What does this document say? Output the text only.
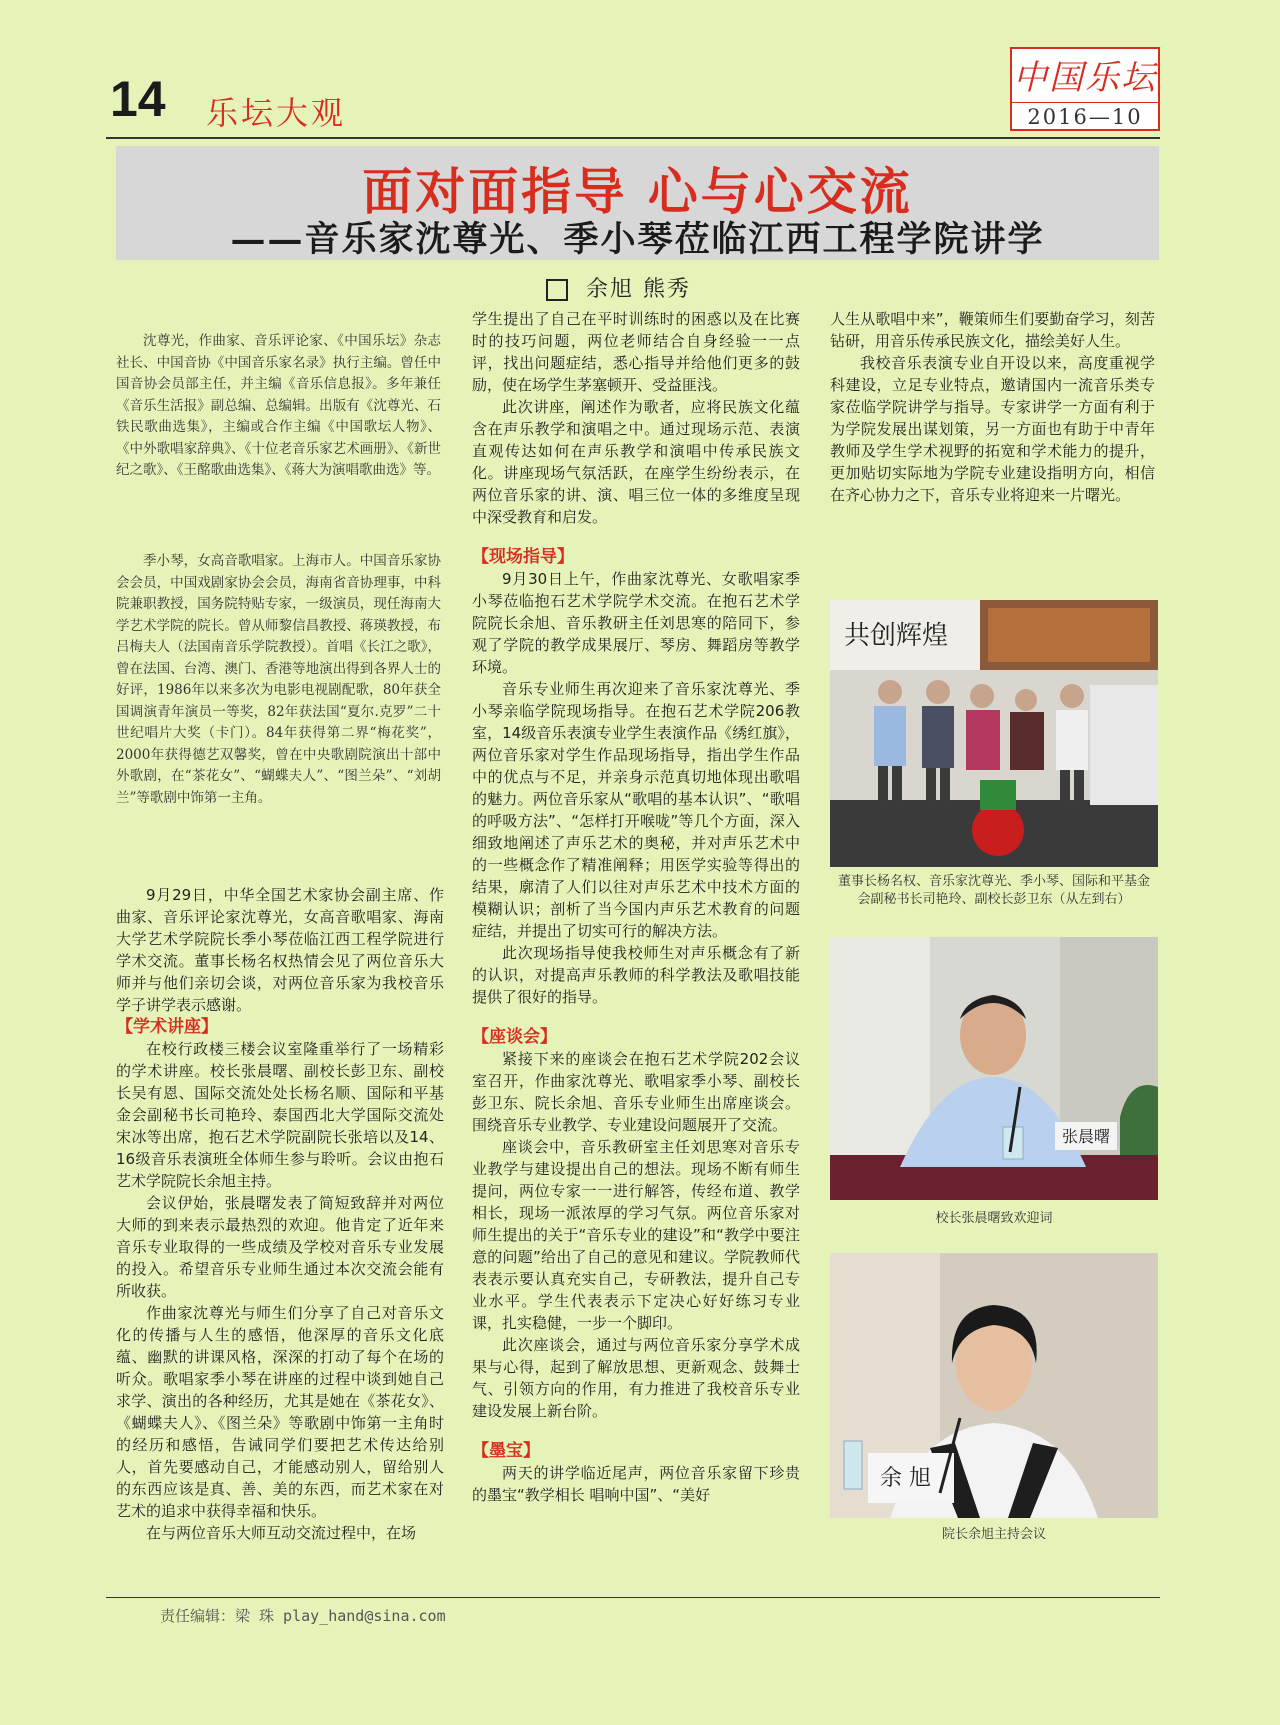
14 乐坛大观
中国乐坛
2016—10
面对面指导 心与心交流
——音乐家沈尊光、季小琴莅临江西工程学院讲学
余旭 熊秀

沈尊光，作曲家、音乐评论家、《中国乐坛》杂志社长、中国音协《中国音乐家名录》执行主编。曾任中国音协会员部主任，并主编《音乐信息报》。多年兼任《音乐生活报》副总编、总编辑。出版有《沈尊光、石铁民歌曲选集》，主编或合作主编《中国歌坛人物》、《中外歌唱家辞典》、《十位老音乐家艺术画册》、《新世纪之歌》、《王酩歌曲选集》、《蒋大为演唱歌曲选》等。

季小琴，女高音歌唱家。上海市人。中国音乐家协会会员，中国戏剧家协会会员，海南省音协理事，中科院兼职教授，国务院特贴专家，一级演员，现任海南大学艺术学院的院长。曾从师黎信昌教授、蒋瑛教授，布吕梅夫人（法国南音乐学院教授）。首唱《长江之歌》，曾在法国、台湾、澳门、香港等地演出得到各界人士的好评，1986年以来多次为电影电视剧配歌，80年获全国调演青年演员一等奖，82年获法国“夏尔.克罗”二十世纪唱片大奖（卡门）。84年获得第二界“梅花奖”，2000年获得德艺双馨奖，曾在中央歌剧院演出十部中外歌剧，在“茶花女”、“蝴蝶夫人”、“图兰朵”、“刘胡兰”等歌剧中饰第一主角。

9月29日，中华全国艺术家协会副主席、作曲家、音乐评论家沈尊光，女高音歌唱家、海南大学艺术学院院长季小琴莅临江西工程学院进行学术交流。董事长杨名权热情会见了两位音乐大师并与他们亲切会谈，对两位音乐家为我校音乐学子讲学表示感谢。

【学术讲座】

在校行政楼三楼会议室隆重举行了一场精彩的学术讲座。校长张晨曙、副校长彭卫东、副校长吴有恩、国际交流处处长杨名顺、国际和平基金会副秘书长司艳玲、泰国西北大学国际交流处宋冰等出席，抱石艺术学院副院长张培以及14、16级音乐表演班全体师生参与聆听。会议由抱石艺术学院院长余旭主持。

会议伊始，张晨曙发表了简短致辞并对两位大师的到来表示最热烈的欢迎。他肯定了近年来音乐专业取得的一些成绩及学校对音乐专业发展的投入。希望音乐专业师生通过本次交流会能有所收获。

作曲家沈尊光与师生们分享了自己对音乐文化的传播与人生的感悟，他深厚的音乐文化底蕴、幽默的讲课风格，深深的打动了每个在场的听众。歌唱家季小琴在讲座的过程中谈到她自己求学、演出的各种经历，尤其是她在《茶花女》、《蝴蝶夫人》、《图兰朵》等歌剧中饰第一主角时的经历和感悟，告诫同学们要把艺术传达给别人，首先要感动自己，才能感动别人，留给别人的东西应该是真、善、美的东西，而艺术家在对艺术的追求中获得幸福和快乐。

在与两位音乐大师互动交流过程中，在场

学生提出了自己在平时训练时的困惑以及在比赛时的技巧问题，两位老师结合自身经验一一点评，找出问题症结，悉心指导并给他们更多的鼓励，使在场学生茅塞顿开、受益匪浅。

此次讲座，阐述作为歌者，应将民族文化蕴含在声乐教学和演唱之中。通过现场示范、表演直观传达如何在声乐教学和演唱中传承民族文化。讲座现场气氛活跃，在座学生纷纷表示，在两位音乐家的讲、演、唱三位一体的多维度呈现中深受教育和启发。

【现场指导】

9月30日上午，作曲家沈尊光、女歌唱家季小琴莅临抱石艺术学院学术交流。在抱石艺术学院院长余旭、音乐教研主任刘思寒的陪同下，参观了学院的教学成果展厅、琴房、舞蹈房等教学环境。

音乐专业师生再次迎来了音乐家沈尊光、季小琴亲临学院现场指导。在抱石艺术学院206教室，14级音乐表演专业学生表演作品《绣红旗》，两位音乐家对学生作品现场指导，指出学生作品中的优点与不足，并亲身示范真切地体现出歌唱的魅力。两位音乐家从“歌唱的基本认识”、“歌唱的呼吸方法”、“怎样打开喉咙”等几个方面，深入细致地阐述了声乐艺术的奥秘，并对声乐艺术中的一些概念作了精准阐释；用医学实验等得出的结果，廓清了人们以往对声乐艺术中技术方面的模糊认识；剖析了当今国内声乐艺术教育的问题症结，并提出了切实可行的解决方法。

此次现场指导使我校师生对声乐概念有了新的认识，对提高声乐教师的科学教法及歌唱技能提供了很好的指导。

【座谈会】

紧接下来的座谈会在抱石艺术学院202会议室召开，作曲家沈尊光、歌唱家季小琴、副校长彭卫东、院长余旭、音乐专业师生出席座谈会。围绕音乐专业教学、专业建设问题展开了交流。

座谈会中，音乐教研室主任刘思寒对音乐专业教学与建设提出自己的想法。现场不断有师生提问，两位专家一一进行解答，传经布道、教学相长，现场一派浓厚的学习气氛。两位音乐家对师生提出的关于“音乐专业的建设”和“教学中要注意的问题”给出了自己的意见和建议。学院教师代表表示要认真充实自己，专研教法，提升自己专业水平。学生代表表示下定决心好好练习专业课，扎实稳健，一步一个脚印。

此次座谈会，通过与两位音乐家分享学术成果与心得，起到了解放思想、更新观念、鼓舞士气、引领方向的作用，有力推进了我校音乐专业建设发展上新台阶。

【墨宝】

两天的讲学临近尾声，两位音乐家留下珍贵的墨宝“教学相长 唱响中国”、“美好

人生从歌唱中来”，鞭策师生们要勤奋学习，刻苦钻研，用音乐传承民族文化，描绘美好人生。

我校音乐表演专业自开设以来，高度重视学科建设，立足专业特点，邀请国内一流音乐类专家莅临学院讲学与指导。专家讲学一方面有利于为学院发展出谋划策，另一方面也有助于中青年教师及学生学术视野的拓宽和学术能力的提升，更加贴切实际地为学院专业建设指明方向，相信在齐心协力之下，音乐专业将迎来一片曙光。

共创辉煌
董事长杨名权、音乐家沈尊光、季小琴、国际和平基金会副秘书长司艳玲、副校长彭卫东（从左到右）
张晨曙
校长张晨曙致欢迎词
余 旭
院长余旭主持会议
责任编辑：梁 珠 play_hand@sina.com
